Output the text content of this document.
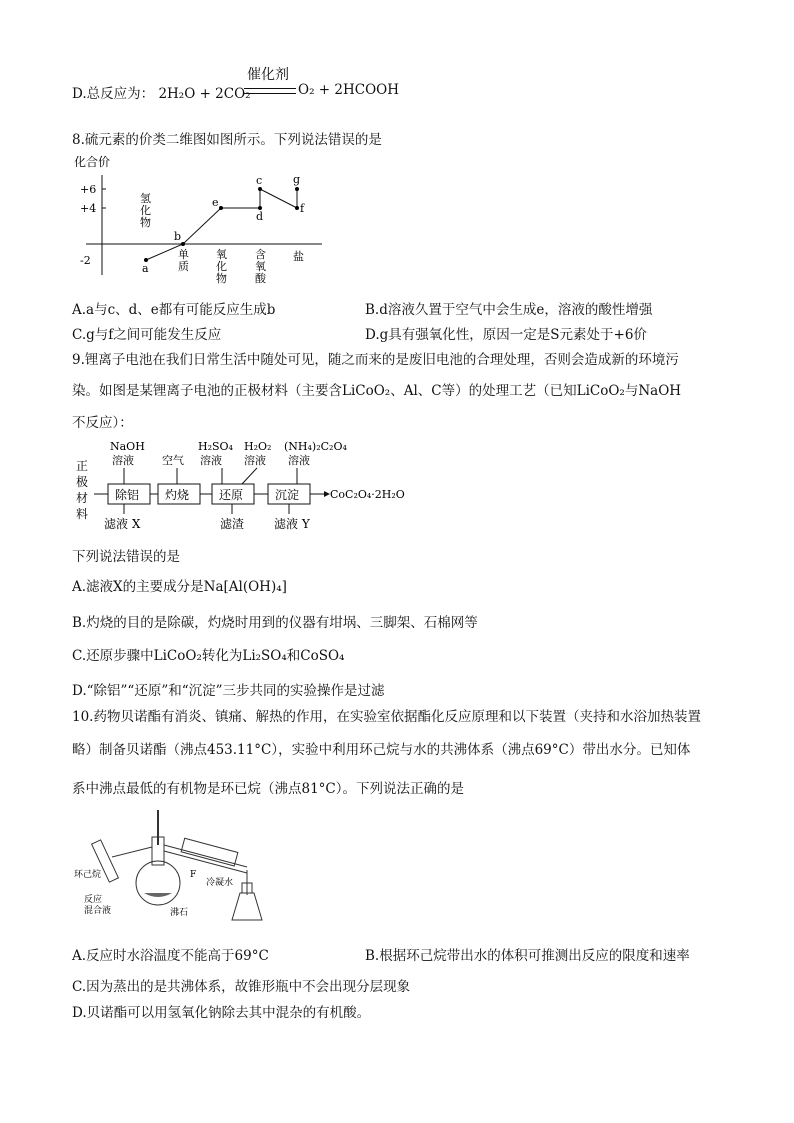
D.总反应为： 2H₂O + 2CO₂
催化剂
O₂ + 2HCOOH
8.硫元素的价类二维图如图所示。下列说法错误的是
化合价
+6
+4
-2
氢化物
单质
氧化物
含氧酸
盐
a
b
c
d
e	f
g
A.a与c、d、e都有可能反应生成b	B.d溶液久置于空气中会生成e，溶液的酸性增强
C.g与f之间可能发生反应	D.g具有强氧化性，原因一定是S元素处于+6价
9.锂离子电池在我们日常生活中随处可见，随之而来的是废旧电池的合理处理，否则会造成新的环境污
染。如图是某锂离子电池的正极材料（主要含LiCoO₂、Al、C等）的处理工艺（已知LiCoO₂与NaOH
不反应）：
正 极 材 料
NaOH
溶液	空气
H₂SO₄
溶液
H₂O₂
溶液
(NH₄)₂C₂O₄
溶液
除铝 灼烧 还原	沉淀	CoC₂O₄·2H₂O
滤液 X	滤渣 滤液 Y
下列说法错误的是
A.滤液X的主要成分是Na[Al(OH)₄]
B.灼烧的目的是除碳，灼烧时用到的仪器有坩埚、三脚架、石棉网等
C.还原步骤中LiCoO₂转化为Li₂SO₄和CoSO₄
D.“除铝”“还原”和“沉淀”三步共同的实验操作是过滤
10.药物贝诺酯有消炎、镇痛、解热的作用，在实验室依据酯化反应原理和以下装置（夹持和水浴加热装置
略）制备贝诺酯（沸点453.11°C），实验中利用环己烷与水的共沸体系（沸点69°C）带出水分。已知体
系中沸点最低的有机物是环已烷（沸点81°C）。下列说法正确的是
环己烷
反应
混合液	沸石
冷凝水
F
A.反应时水浴温度不能高于69°C	B.根据环己烷带出水的体积可推测出反应的限度和速率
C.因为蒸出的是共沸体系，故锥形瓶中不会出现分层现象
D.贝诺酯可以用氢氧化钠除去其中混杂的有机酸。
